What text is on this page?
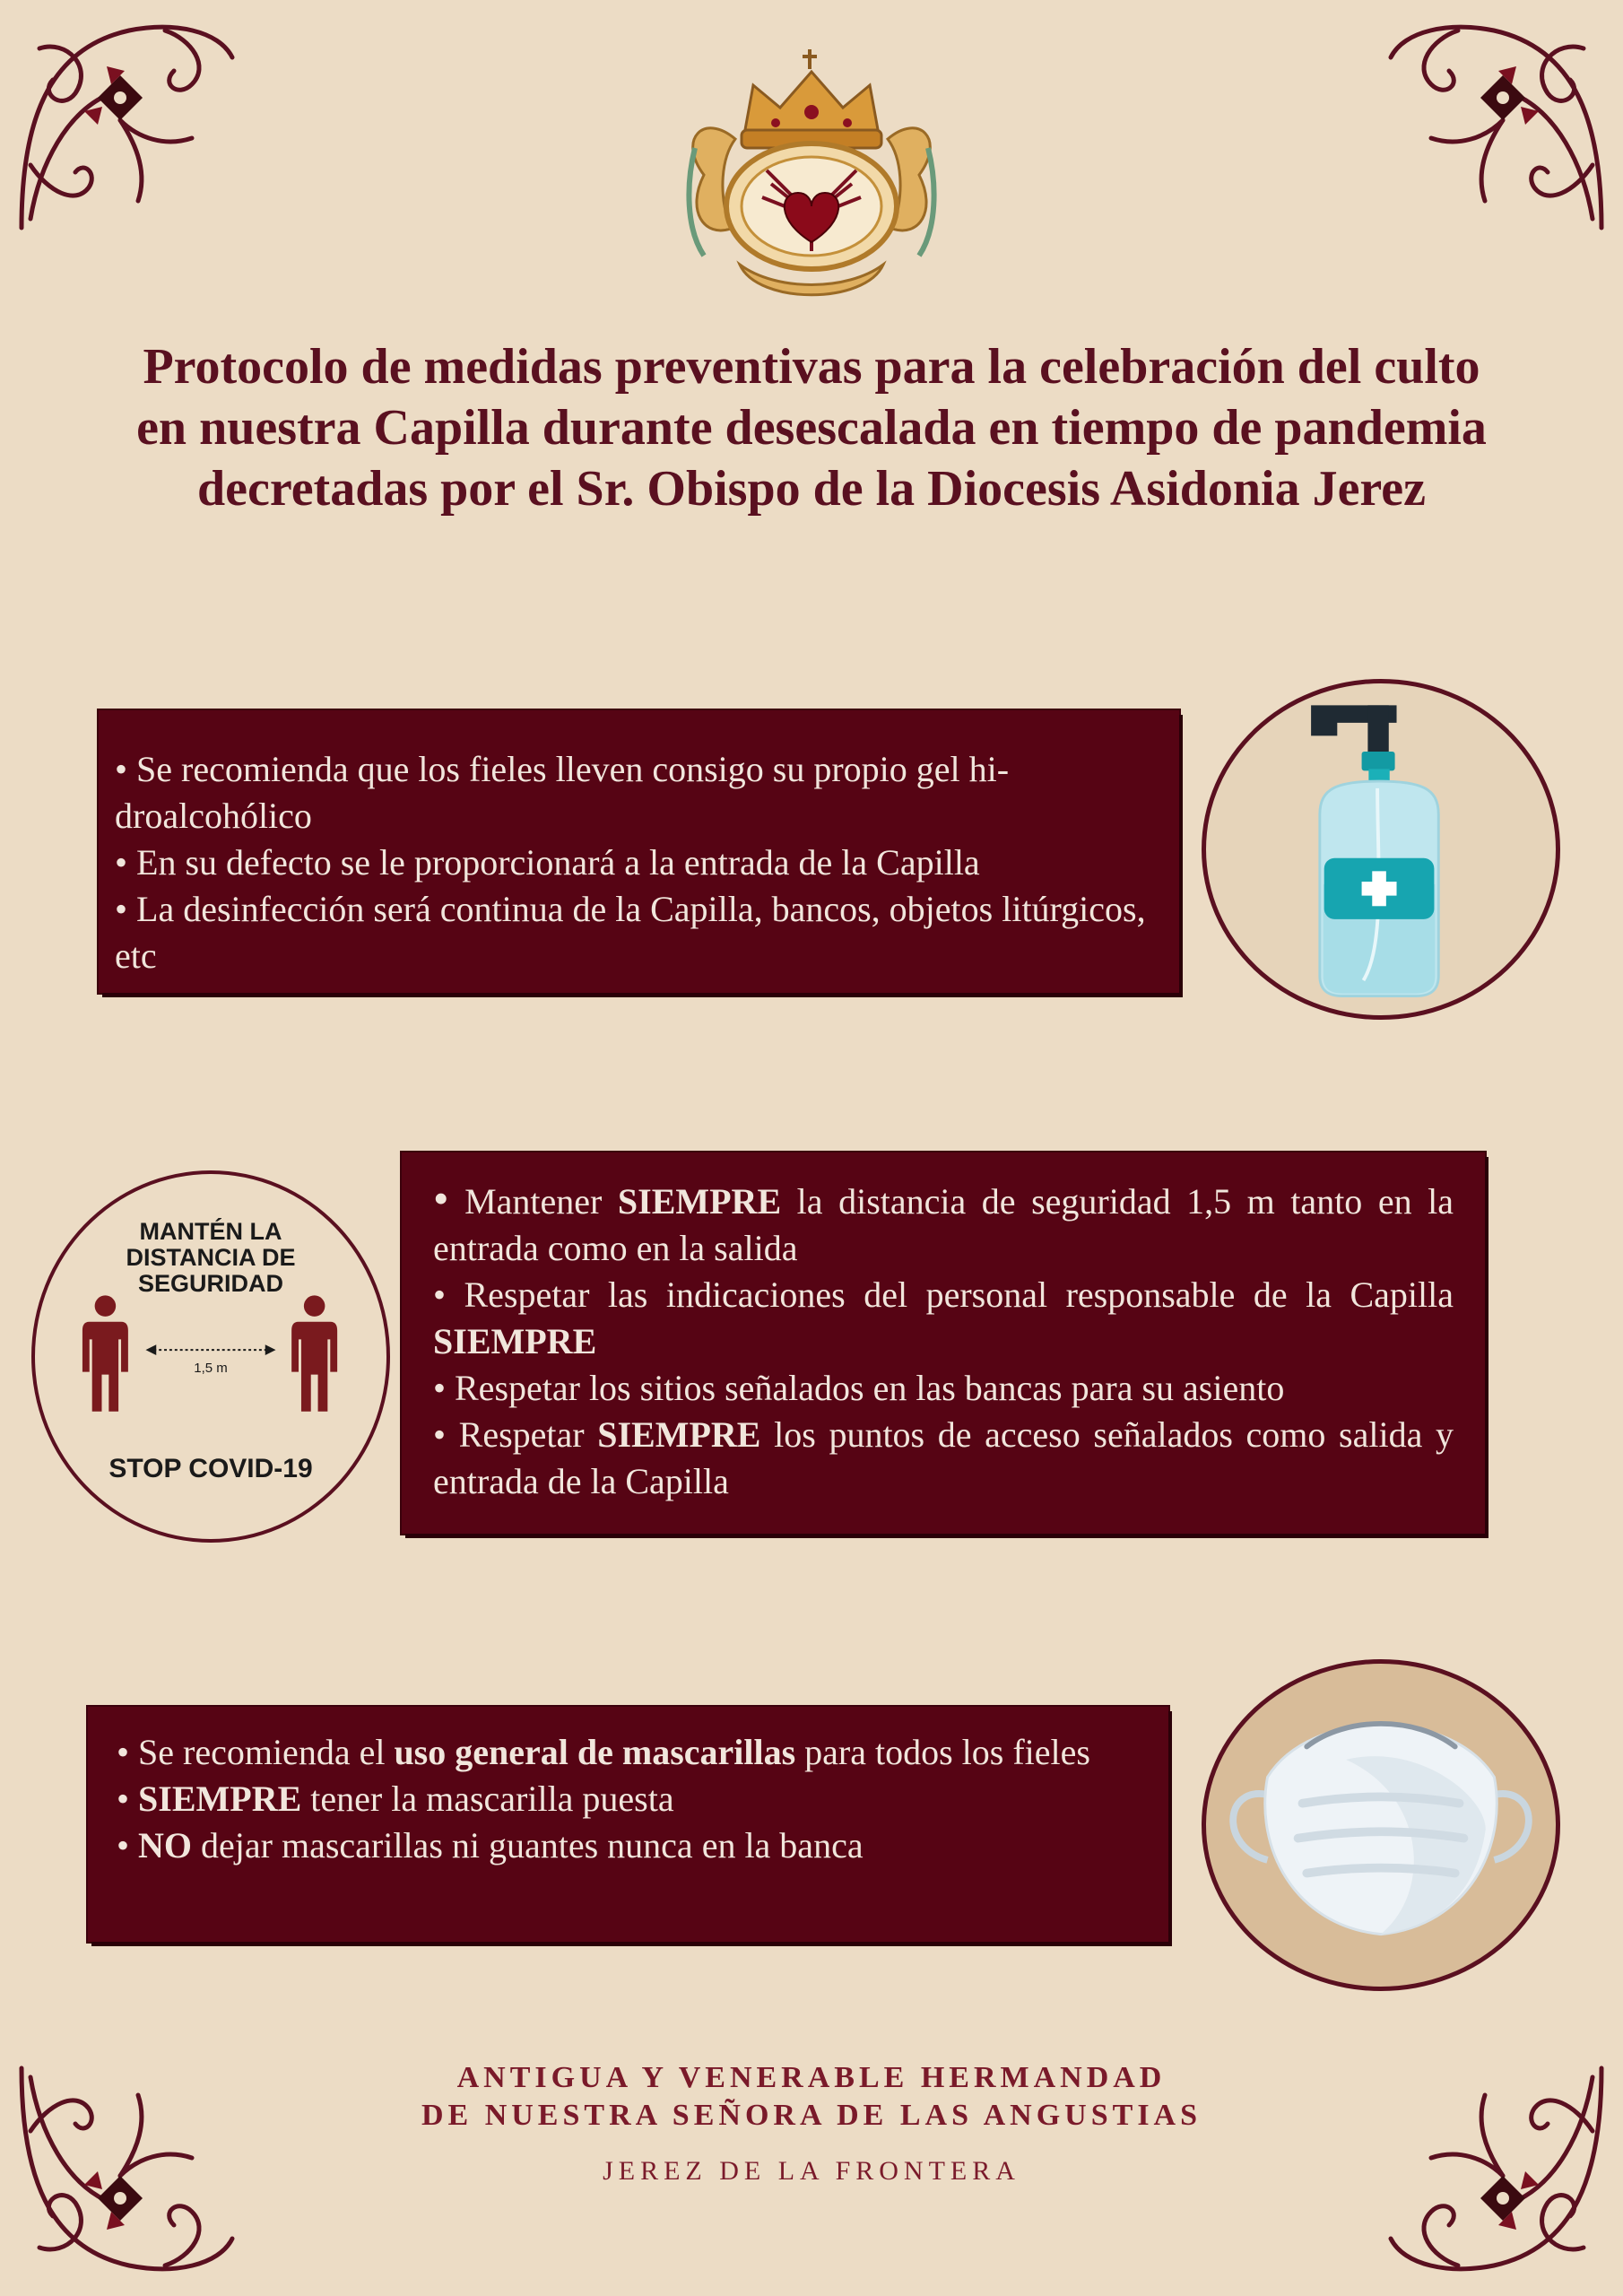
Protocolo de medidas preventivas para la celebración del culto
en nuestra Capilla durante desescalada en tiempo de pandemia
decretadas por el Sr. Obispo de la Diocesis Asidonia Jerez

• Se recomienda que los fieles lleven consigo su propio gel hi-droalcohólico

• En su defecto se le proporcionará a la entrada de la Capilla

• La desinfección será continua de la Capilla, bancos, objetos litúrgicos, etc

MANTÉN LA DISTANCIA DE SEGURIDAD
1,5 m
STOP COVID-19

• Mantener SIEMPRE la distancia de seguridad 1,5 m tanto en la entrada como en la salida

• Respetar las indicaciones del personal responsable de la Capilla SIEMPRE

• Respetar los sitios señalados en las bancas para su asiento

• Respetar SIEMPRE los puntos de acceso señalados como salida y entrada de la Capilla

• Se recomienda el uso general de mascarillas para todos los fieles

• SIEMPRE tener la mascarilla puesta

• NO dejar mascarillas ni guantes nunca en la banca

ANTIGUA Y VENERABLE HERMANDAD
DE NUESTRA SEÑORA DE LAS ANGUSTIAS
JEREZ DE LA FRONTERA
